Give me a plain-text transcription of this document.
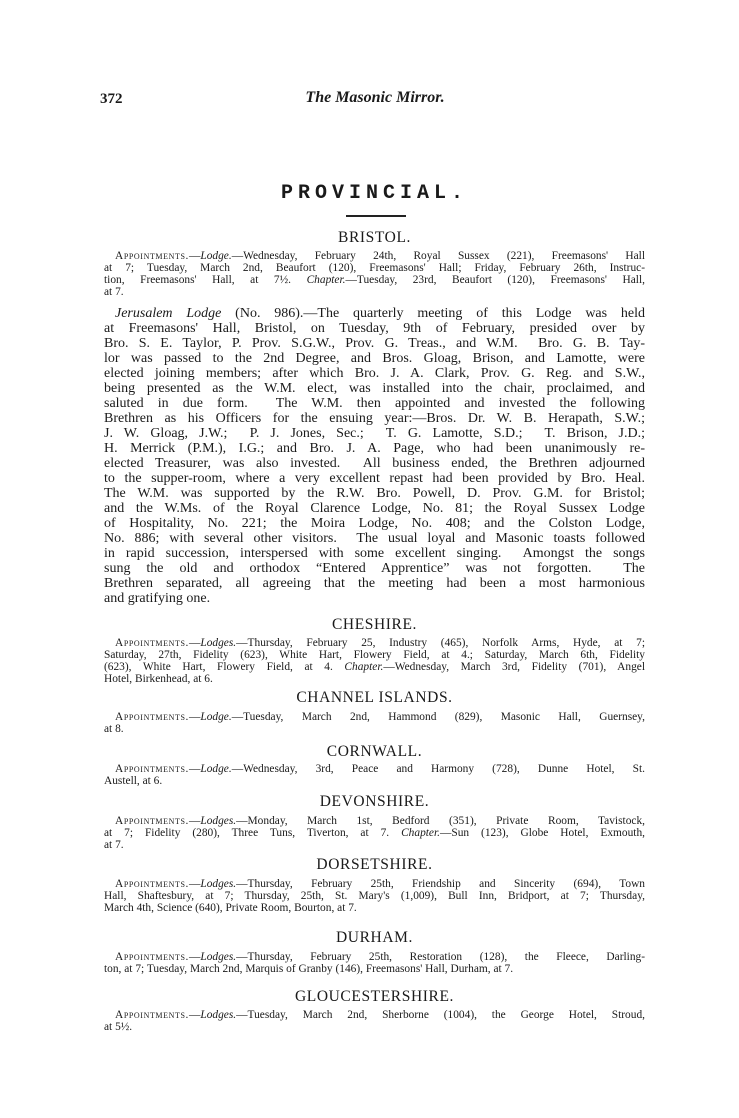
372	The Masonic Mirror.
PROVINCIAL.
BRISTOL.
Appointments.—Lodge.—Wednesday, February 24th, Royal Sussex (221), Freemasons' Hall
at 7; Tuesday, March 2nd, Beaufort (120), Freemasons' Hall; Friday, February 26th, Instruc-
tion, Freemasons' Hall, at 7½. Chapter.—Tuesday, 23rd, Beaufort (120), Freemasons' Hall,
at 7.
Jerusalem Lodge (No. 986).—The quarterly meeting of this Lodge was held
at Freemasons' Hall, Bristol, on Tuesday, 9th of February, presided over by
Bro. S. E. Taylor, P. Prov. S.G.W., Prov. G. Treas., and W.M.  Bro. G. B. Tay-
lor was passed to the 2nd Degree, and Bros. Gloag, Brison, and Lamotte, were
elected joining members; after which Bro. J. A. Clark, Prov. G. Reg. and S.W.,
being presented as the W.M. elect, was installed into the chair, proclaimed, and
saluted in due form.  The W.M. then appointed and invested the following
Brethren as his Officers for the ensuing year:—Bros. Dr. W. B. Herapath, S.W.;
J. W. Gloag, J.W.;  P. J. Jones, Sec.;  T. G. Lamotte, S.D.;  T. Brison, J.D.;
H. Merrick (P.M.), I.G.; and Bro. J. A. Page, who had been unanimously re-
elected Treasurer, was also invested.  All business ended, the Brethren adjourned
to the supper-room, where a very excellent repast had been provided by Bro. Heal.
The W.M. was supported by the R.W. Bro. Powell, D. Prov. G.M. for Bristol;
and the W.Ms. of the Royal Clarence Lodge, No. 81; the Royal Sussex Lodge
of Hospitality, No. 221; the Moira Lodge, No. 408; and the Colston Lodge,
No. 886; with several other visitors.  The usual loyal and Masonic toasts followed
in rapid succession, interspersed with some excellent singing.  Amongst the songs
sung the old and orthodox “Entered Apprentice” was not forgotten.  The
Brethren separated, all agreeing that the meeting had been a most harmonious
and gratifying one.
CHESHIRE.
Appointments.—Lodges.—Thursday, February 25, Industry (465), Norfolk Arms, Hyde, at 7;
Saturday, 27th, Fidelity (623), White Hart, Flowery Field, at 4.; Saturday, March 6th, Fidelity
(623), White Hart, Flowery Field, at 4. Chapter.—Wednesday, March 3rd, Fidelity (701), Angel
Hotel, Birkenhead, at 6.
CHANNEL ISLANDS.
Appointments.—Lodge.—Tuesday, March 2nd, Hammond (829), Masonic Hall, Guernsey,
at 8.
CORNWALL.
Appointments.—Lodge.—Wednesday, 3rd, Peace and Harmony (728), Dunne Hotel, St.
Austell, at 6.
DEVONSHIRE.
Appointments.—Lodges.—Monday, March 1st, Bedford (351), Private Room, Tavistock,
at 7; Fidelity (280), Three Tuns, Tiverton, at 7. Chapter.—Sun (123), Globe Hotel, Exmouth,
at 7.
DORSETSHIRE.
Appointments.—Lodges.—Thursday, February 25th, Friendship and Sincerity (694), Town
Hall, Shaftesbury, at 7; Thursday, 25th, St. Mary's (1,009), Bull Inn, Bridport, at 7; Thursday,
March 4th, Science (640), Private Room, Bourton, at 7.
DURHAM.
Appointments.—Lodges.—Thursday, February 25th, Restoration (128), the Fleece, Darling-
ton, at 7; Tuesday, March 2nd, Marquis of Granby (146), Freemasons' Hall, Durham, at 7.
GLOUCESTERSHIRE.
Appointments.—Lodges.—Tuesday, March 2nd, Sherborne (1004), the George Hotel, Stroud,
at 5½.
